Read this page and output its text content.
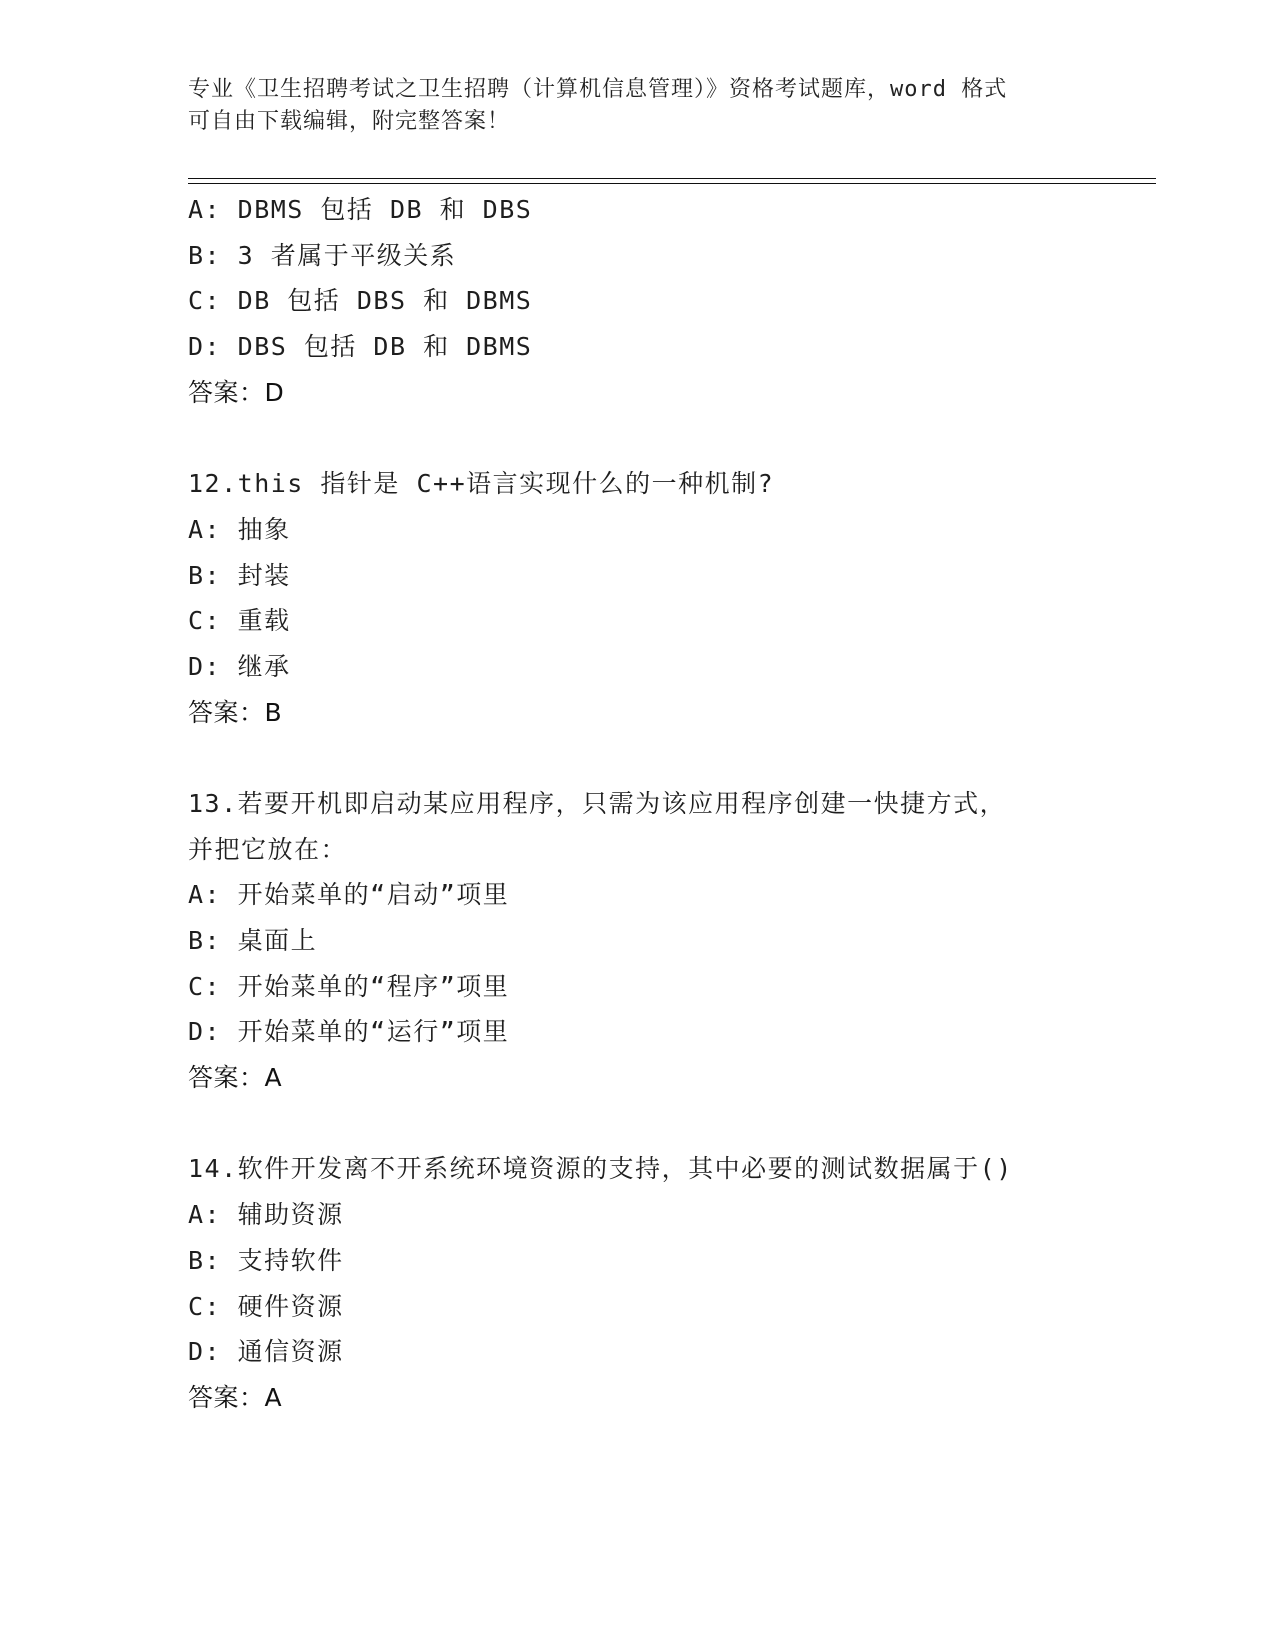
专业《卫生招聘考试之卫生招聘（计算机信息管理）》资格考试题库，word 格式
可自由下载编辑，附完整答案！
A: DBMS 包括 DB 和 DBS
B: 3 者属于平级关系
C: DB 包括 DBS 和 DBMS
D: DBS 包括 DB 和 DBMS
答案：D
12.this 指针是 C++语言实现什么的一种机制?
A: 抽象
B: 封装
C: 重载
D: 继承
答案：B
13.若要开机即启动某应用程序，只需为该应用程序创建一快捷方式，
并把它放在：
A: 开始菜单的“启动”项里
B: 桌面上
C: 开始菜单的“程序”项里
D: 开始菜单的“运行”项里
答案：A
14.软件开发离不开系统环境资源的支持，其中必要的测试数据属于()
A: 辅助资源
B: 支持软件
C: 硬件资源
D: 通信资源
答案：A
